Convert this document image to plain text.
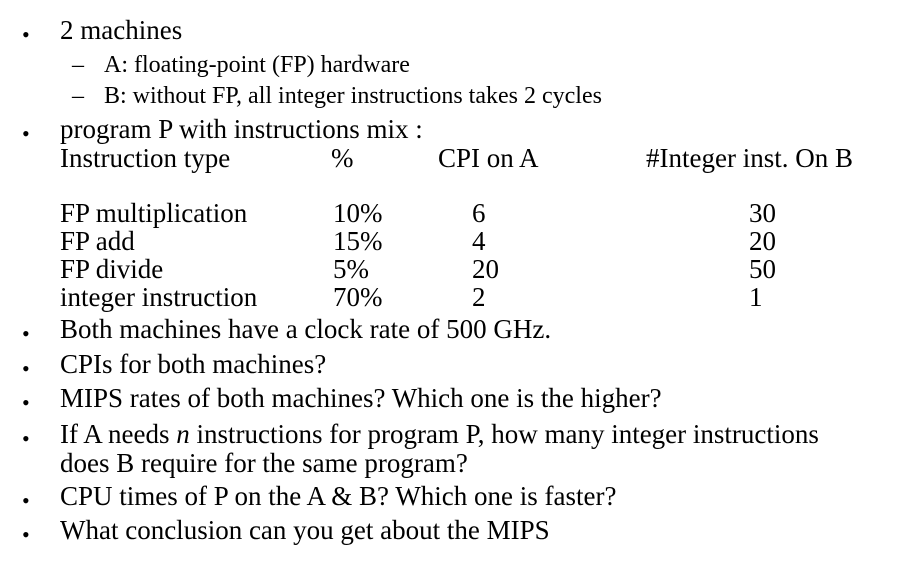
• 2 machines
– A: floating-point (FP) hardware
– B: without FP, all integer instructions takes 2 cycles
• program P with instructions mix :
Instruction type	%	CPI on A	#Integer inst. On B
FP multiplication	10%	6	30
FP add	15%	4	20
FP divide	5%	20	50
integer instruction	70%	2	1
• Both machines have a clock rate of 500 GHz.
• CPIs for both machines?
• MIPS rates of both machines? Which one is the higher?
• If A needs n instructions for program P, how many integer instructions
does B require for the same program?
• CPU times of P on the A & B? Which one is faster?
• What conclusion can you get about the MIPS
